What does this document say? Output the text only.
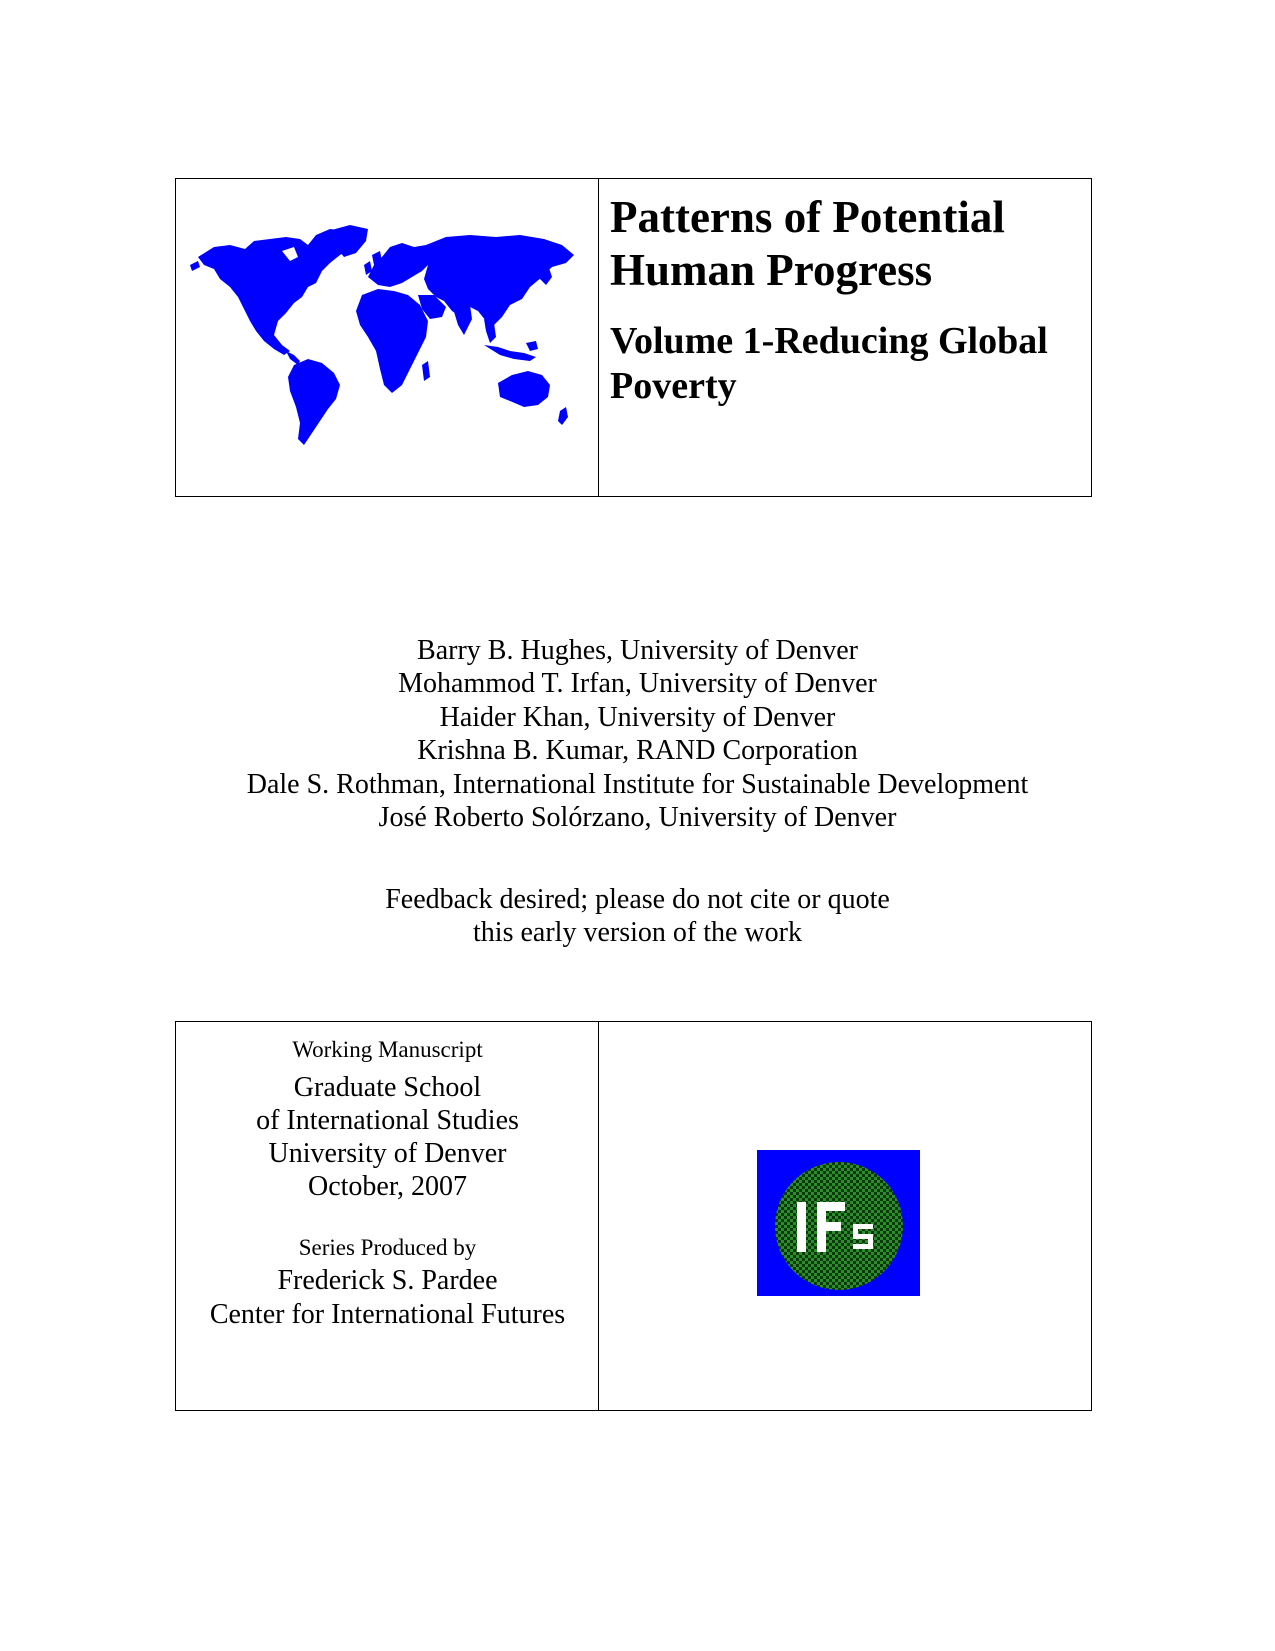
Patterns of Potential
Human Progress
Volume 1-Reducing Global
Poverty
Barry B. Hughes, University of Denver
Mohammod T. Irfan, University of Denver
Haider Khan, University of Denver
Krishna B. Kumar, RAND Corporation
Dale S. Rothman, International Institute for Sustainable Development
José Roberto Solórzano, University of Denver
Feedback desired; please do not cite or quote
this early version of the work
Working Manuscript
Graduate School
of International Studies
University of Denver
October, 2007
Series Produced by
Frederick S. Pardee
Center for International Futures
